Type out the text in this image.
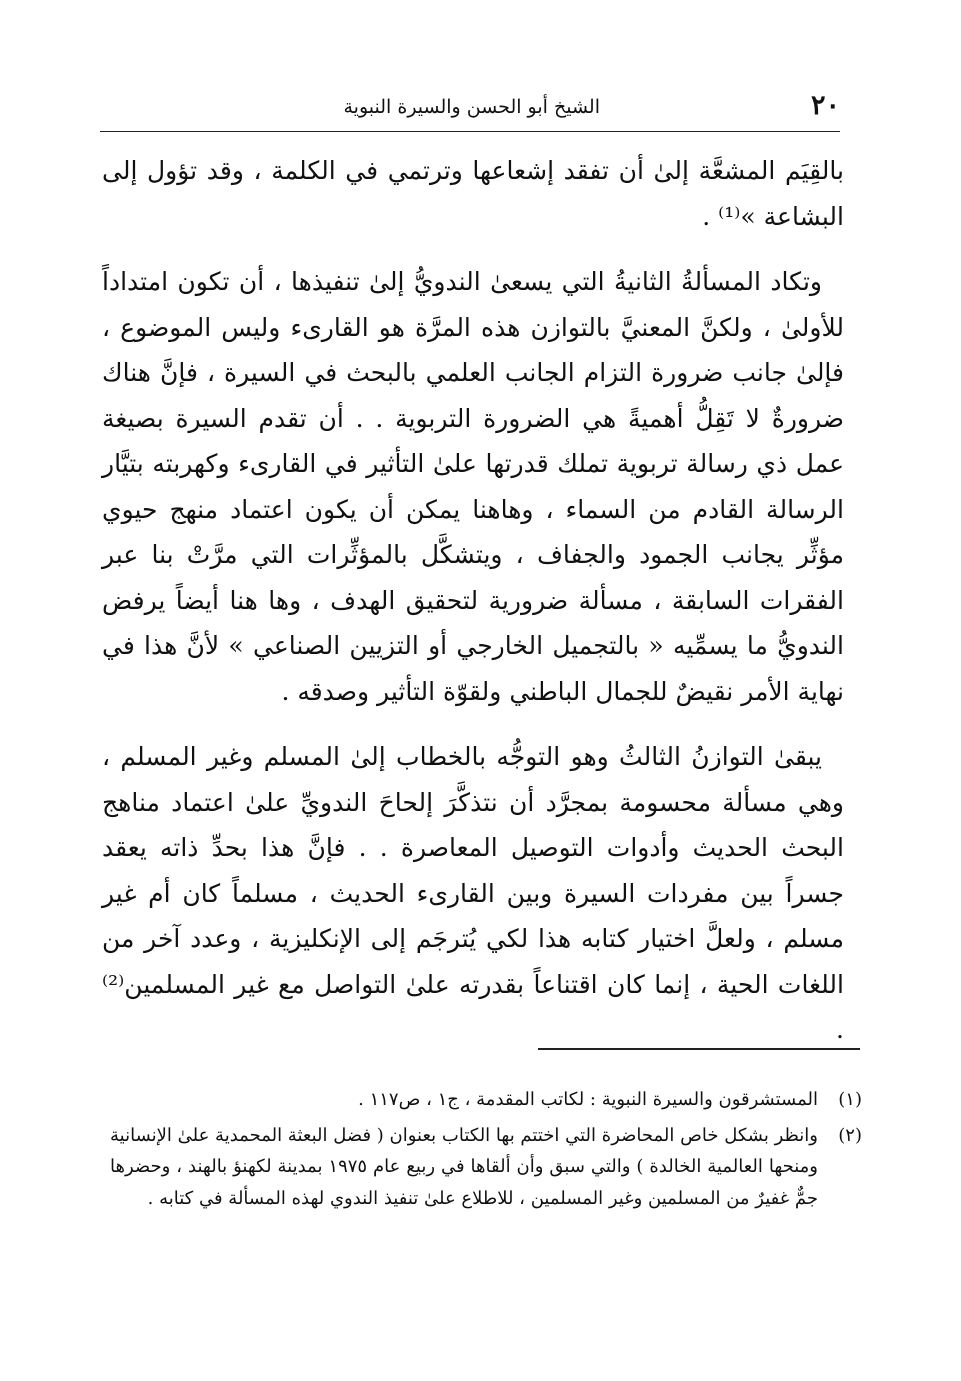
٢٠
الشيخ أبو الحسن والسيرة النبوية

بالقِيَم المشعَّة إلىٰ أن تفقد إشعاعها وترتمي في الكلمة ، وقد تؤول إلى البشاعة »⁽¹⁾ .

وتكاد المسألةُ الثانيةُ التي يسعىٰ الندويُّ إلىٰ تنفيذها ، أن تكون امتداداً للأولىٰ ، ولكنَّ المعنيَّ بالتوازن هذه المرَّة هو القارىء وليس الموضوع ، فإلىٰ جانب ضرورة التزام الجانب العلمي بالبحث في السيرة ، فإنَّ هناك ضرورةٌ لا تَقِلُّ أهميةً هي الضرورة التربوية . . أن تقدم السيرة بصيغة عمل ذي رسالة تربوية تملك قدرتها علىٰ التأثير في القارىء وكهربته بتيَّار الرسالة القادم من السماء ، وهاهنا يمكن أن يكون اعتماد منهج حيوي مؤثِّر يجانب الجمود والجفاف ، ويتشكَّل بالمؤثِّرات التي مرَّتْ بنا عبر الفقرات السابقة ، مسألة ضرورية لتحقيق الهدف ، وها هنا أيضاً يرفض الندويُّ ما يسمِّيه « بالتجميل الخارجي أو التزيين الصناعي » لأنَّ هذا في نهاية الأمر نقيضٌ للجمال الباطني ولقوّة التأثير وصدقه .

يبقىٰ التوازنُ الثالثُ وهو التوجُّه بالخطاب إلىٰ المسلم وغير المسلم ، وهي مسألة محسومة بمجرَّد أن نتذكَّرَ إلحاحَ الندويِّ علىٰ اعتماد مناهج البحث الحديث وأدوات التوصيل المعاصرة . . فإنَّ هذا بحدِّ ذاته يعقد جسراً بين مفردات السيرة وبين القارىء الحديث ، مسلماً كان أم غير مسلم ، ولعلَّ اختيار كتابه هذا لكي يُترجَم إلى الإنكليزية ، وعدد آخر من اللغات الحية ، إنما كان اقتناعاً بقدرته علىٰ التواصل مع غير المسلمين⁽²⁾ .

(١)
المستشرقون والسيرة النبوية : لكاتب المقدمة ، ج١ ، ص١١٧ .
(٢)
وانظر بشكل خاص المحاضرة التي اختتم بها الكتاب بعنوان ( فضل البعثة المحمدية علىٰ الإنسانية ومنحها العالمية الخالدة ) والتي سبق وأن ألقاها في ربيع عام ١٩٧٥ بمدينة لكهنؤ بالهند ، وحضرها جمٌّ غفيرٌ من المسلمين وغير المسلمين ، للاطلاع علىٰ تنفيذ الندوي لهذه المسألة في كتابه .
